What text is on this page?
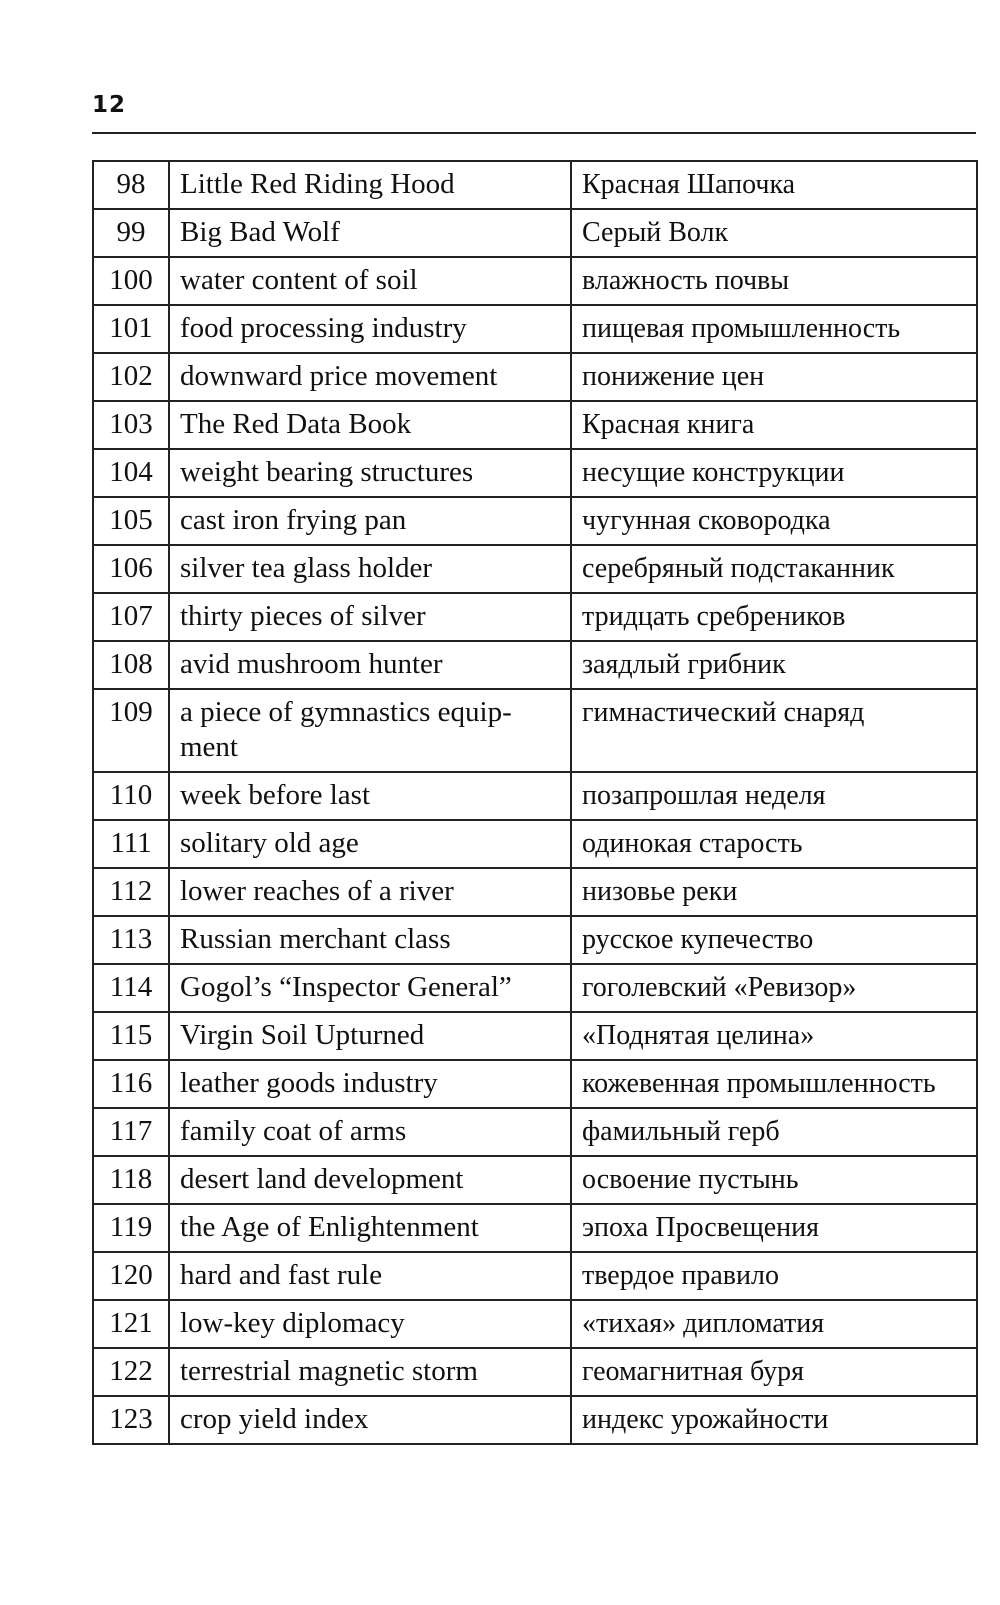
12
98	Little Red Riding Hood	Красная Шапочка
99	Big Bad Wolf	Серый Волк
100	water content of soil	влажность почвы
101	food processing industry	пищевая промышленность
102	downward price movement	понижение цен
103	The Red Data Book	Красная книга
104	weight bearing structures	несущие конструкции
105	cast iron frying pan	чугунная сковородка
106	silver tea glass holder	серебряный подстаканник
107	thirty pieces of silver	тридцать сребреников
108	avid mushroom hunter	заядлый грибник
109	a piece of gymnastics equip-ment	гимнастический снаряд
110	week before last	позапрошлая неделя
111	solitary old age	одинокая старость
112	lower reaches of a river	низовье реки
113	Russian merchant class	русское купечество
114	Gogol’s “Inspector General”	гоголевский «Ревизор»
115	Virgin Soil Upturned	«Поднятая целина»
116	leather goods industry	кожевенная промышленность
117	family coat of arms	фамильный герб
118	desert land development	освоение пустынь
119	the Age of Enlightenment	эпоха Просвещения
120	hard and fast rule	твердое правило
121	low-key diplomacy	«тихая» дипломатия
122	terrestrial magnetic storm	геомагнитная буря
123	crop yield index	индекс урожайности
